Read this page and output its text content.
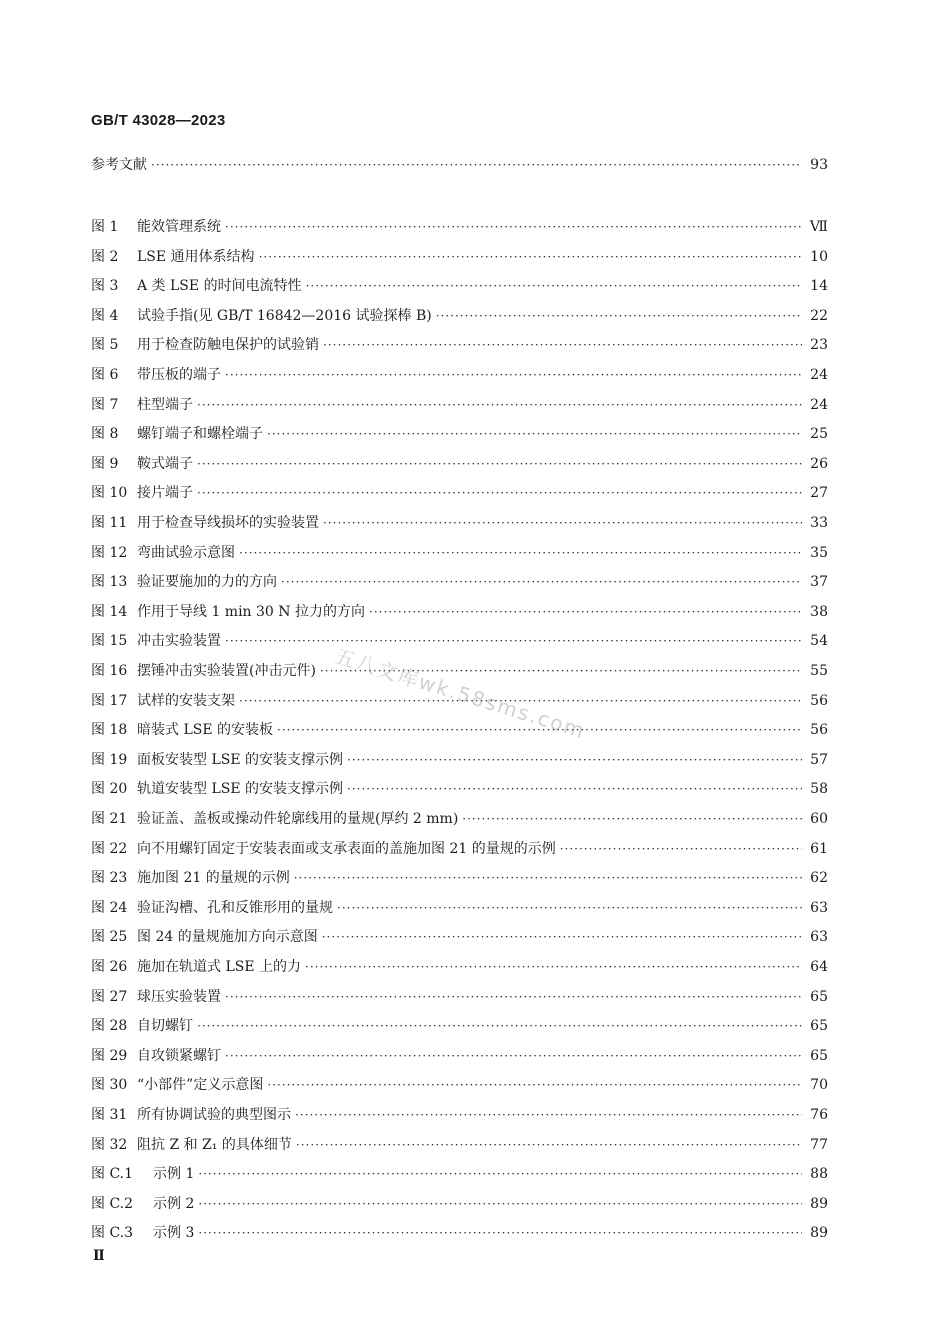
GB/T 43028—2023
参考文献 ·····	93
图 1	能效管理系统 ·····	Ⅶ
图 2	LSE 通用体系结构 ·····	10
图 3	A 类 LSE 的时间电流特性 ·····	14
图 4	试验手指(见 GB/T 16842—2016 试验探棒 B) ·····	22
图 5	用于检查防触电保护的试验销 ·····	23
图 6	带压板的端子 ·····	24
图 7	柱型端子 ·····	24
图 8	螺钉端子和螺栓端子 ·····	25
图 9	鞍式端子 ·····	26
图 10 接片端子 ·····	27
图 11 用于检查导线损坏的实验装置 ·····	33
图 12 弯曲试验示意图 ·····	35
图 13 验证要施加的力的方向 ·····	37
图 14 作用于导线 1 min 30 N 拉力的方向 ·····	38
图 15 冲击实验装置 ·····	54
图 16 摆锤冲击实验装置(冲击元件) ·····	55
图 17 试样的安装支架 ·····	56
图 18 暗装式 LSE 的安装板 ·····	56
图 19 面板安装型 LSE 的安装支撑示例 ·····	57
图 20 轨道安装型 LSE 的安装支撑示例 ·····	58
图 21 验证盖、盖板或操动件轮廓线用的量规(厚约 2 mm) ·····	60
图 22 向不用螺钉固定于安装表面或支承表面的盖施加图 21 的量规的示例 ·····	61
图 23 施加图 21 的量规的示例 ·····	62
图 24 验证沟槽、孔和反锥形用的量规 ·····	63
图 25 图 24 的量规施加方向示意图 ·····	63
图 26 施加在轨道式 LSE 上的力 ·····	64
图 27 球压实验装置 ·····	65
图 28 自切螺钉 ·····	65
图 29 自攻锁紧螺钉 ·····	65
图 30 “小部件”定义示意图 ·····	70
图 31 所有协调试验的典型图示 ·····	76
图 32 阻抗 Z 和 Z₁ 的具体细节 ·····	77
图 C.1	示例 1 ·····	88
图 C.2	示例 2 ·····	89
图 C.3	示例 3 ·····	89
五八文库wk.58sms.com
Ⅱ
